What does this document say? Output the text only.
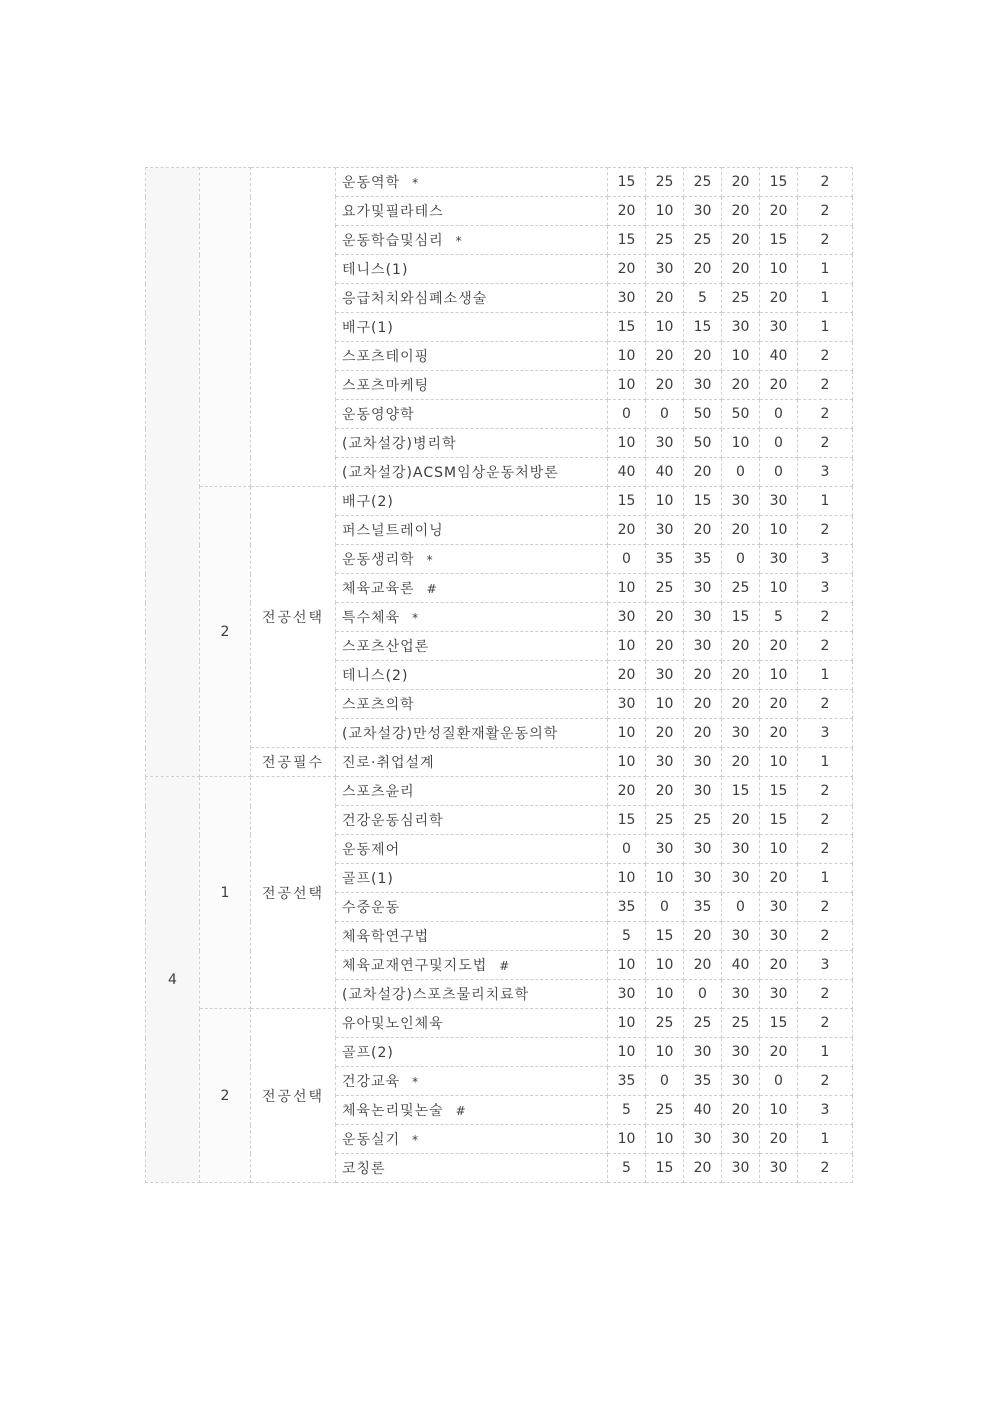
			운동역학 *	15	25	25	20	15	2
			요가및필라테스	20	10	30	20	20	2
			운동학습및심리 *	15	25	25	20	15	2
			테니스(1)	20	30	20	20	10	1
			응급처치와심폐소생술	30	20	5	25	20	1
			배구(1)	15	10	15	30	30	1
			스포츠테이핑	10	20	20	10	40	2
			스포츠마케팅	10	20	30	20	20	2
			운동영양학	0	0	50	50	0	2
			(교차설강)병리학	10	30	50	10	0	2
			(교차설강)ACSM임상운동처방론	40	40	20	0	0	3
	2	전공선택	배구(2)	15	10	15	30	30	1
			퍼스널트레이닝	20	30	20	20	10	2
			운동생리학 *	0	35	35	0	30	3
			체육교육론 #	10	25	30	25	10	3
			특수체육 *	30	20	30	15	5	2
			스포츠산업론	10	20	30	20	20	2
			테니스(2)	20	30	20	20	10	1
			스포츠의학	30	10	20	20	20	2
			(교차설강)만성질환재활운동의학	10	20	20	30	20	3
		전공필수	진로·취업설계	10	30	30	20	10	1
4	1	전공선택	스포츠윤리	20	20	30	15	15	2
			건강운동심리학	15	25	25	20	15	2
			운동제어	0	30	30	30	10	2
			골프(1)	10	10	30	30	20	1
			수중운동	35	0	35	0	30	2
			체육학연구법	5	15	20	30	30	2
			체육교재연구및지도법 #	10	10	20	40	20	3
			(교차설강)스포츠물리치료학	30	10	0	30	30	2
	2	전공선택	유아및노인체육	10	25	25	25	15	2
			골프(2)	10	10	30	30	20	1
			건강교육 *	35	0	35	30	0	2
			체육논리및논술 #	5	25	40	20	10	3
			운동실기 *	10	10	30	30	20	1
			코칭론	5	15	20	30	30	2
